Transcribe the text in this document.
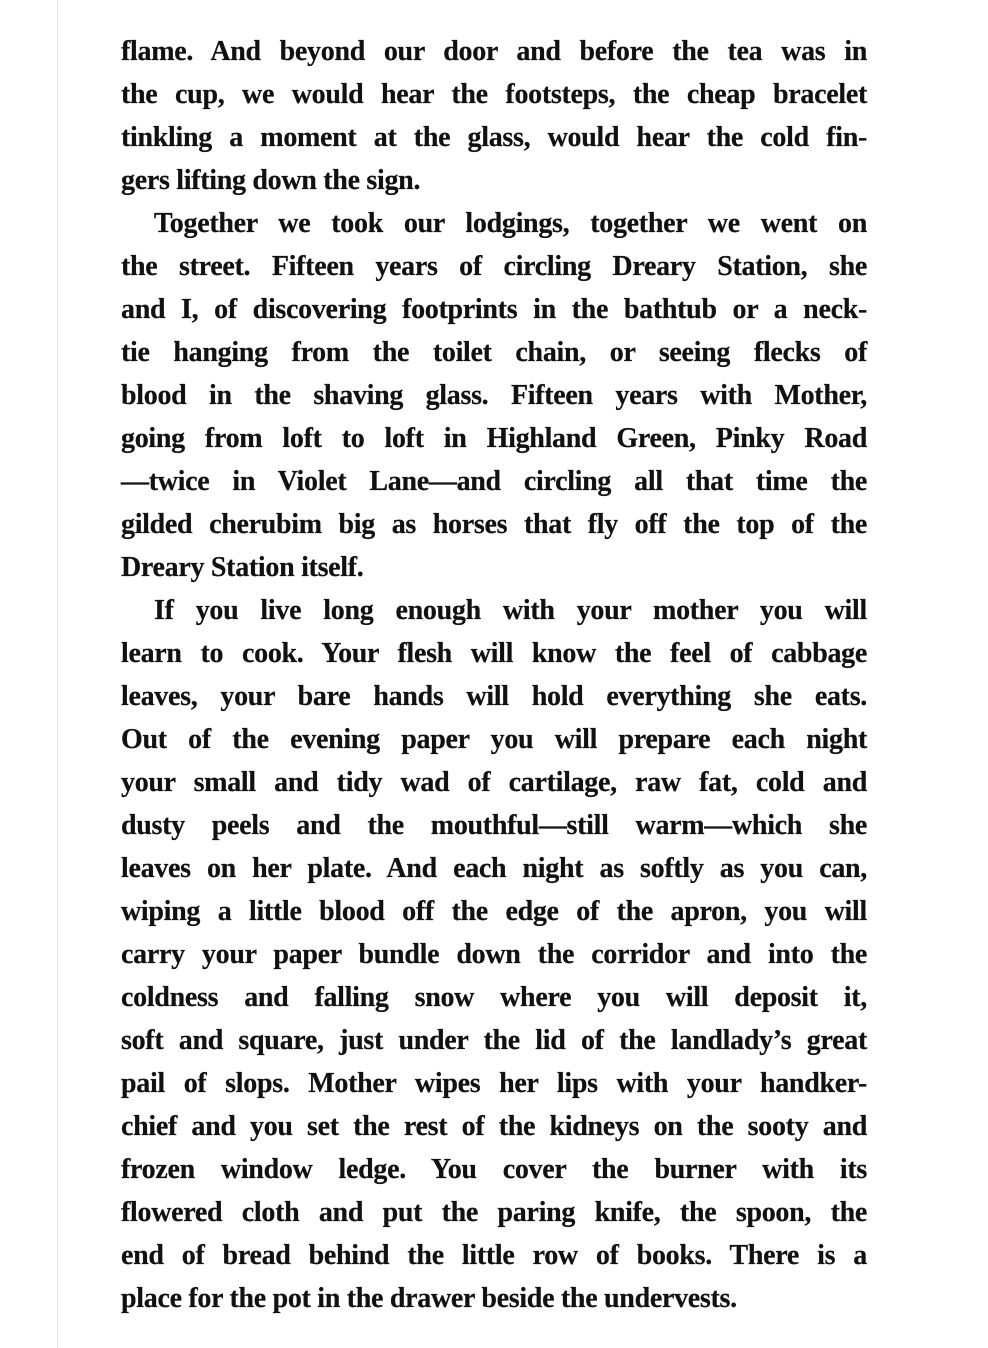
flame. And beyond our door and before the tea was in
the cup, we would hear the footsteps, the cheap bracelet
tinkling a moment at the glass, would hear the cold fin-
gers lifting down the sign.
Together we took our lodgings, together we went on
the street. Fifteen years of circling Dreary Station, she
and I, of discovering footprints in the bathtub or a neck-
tie hanging from the toilet chain, or seeing flecks of
blood in the shaving glass. Fifteen years with Mother,
going from loft to loft in Highland Green, Pinky Road
—twice in Violet Lane—and circling all that time the
gilded cherubim big as horses that fly off the top of the
Dreary Station itself.
If you live long enough with your mother you will
learn to cook. Your flesh will know the feel of cabbage
leaves, your bare hands will hold everything she eats.
Out of the evening paper you will prepare each night
your small and tidy wad of cartilage, raw fat, cold and
dusty peels and the mouthful—still warm—which she
leaves on her plate. And each night as softly as you can,
wiping a little blood off the edge of the apron, you will
carry your paper bundle down the corridor and into the
coldness and falling snow where you will deposit it,
soft and square, just under the lid of the landlady’s great
pail of slops. Mother wipes her lips with your handker-
chief and you set the rest of the kidneys on the sooty and
frozen window ledge. You cover the burner with its
flowered cloth and put the paring knife, the spoon, the
end of bread behind the little row of books. There is a
place for the pot in the drawer beside the undervests.
